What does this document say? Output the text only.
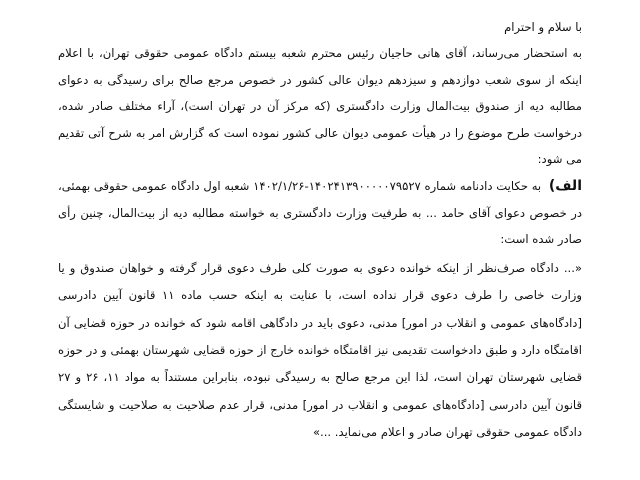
با سلام و احترام

به استحضار می‌رساند، آقای هانی حاجیان رئیس محترم شعبه بیستم دادگاه عمومی حقوقی تهران، با اعلام اینکه از سوی شعب دوازدهم و سیزدهم دیوان عالی کشور در خصوص مرجع صالح برای رسیدگی به دعوای مطالبه دیه از صندوق بیت‌المال وزارت دادگستری (که مرکز آن در تهران است)، آراء مختلف صادر شده، درخواست طرح موضوع را در هیأت عمومی دیوان عالی کشور نموده است که گزارش امر به شرح آتی تقدیم می شود:

الف) به حکایت دادنامه شماره ۱۴۰۲۴۱۳۹۰۰۰۰۰۷۹۵۲۷-۱۴۰۲/۱/۲۶ شعبه اول دادگاه عمومی حقوقی بهمئی، در خصوص دعوای آقای حامد ... به طرفیت وزارت دادگستری به خواسته مطالبه دیه از بیت‌المال، چنین رأی صادر شده است:

«... دادگاه صرف‌نظر از اینکه خوانده دعوی به صورت کلی طرف دعوی قرار گرفته و خواهان صندوق و یا وزارت خاصی را طرف دعوی قرار نداده است، با عنایت به اینکه حسب ماده ۱۱ قانون آیین دادرسی [دادگاه‌های عمومی و انقلاب در امور] مدنی، دعوی باید در دادگاهی اقامه شود که خوانده در حوزه قضایی آن اقامتگاه دارد و طبق دادخواست تقدیمی نیز اقامتگاه خوانده خارج از حوزه قضایی شهرستان بهمئی و در حوزه قضایی شهرستان تهران است، لذا این مرجع صالح به رسیدگی نبوده، بنابراین مستنداً به مواد ۱۱، ۲۶ و ۲۷ قانون آیین دادرسی [دادگاه‌های عمومی و انقلاب در امور] مدنی، قرار عدم صلاحیت به صلاحیت و شایستگی دادگاه عمومی حقوقی تهران صادر و اعلام می‌نماید. ...»
